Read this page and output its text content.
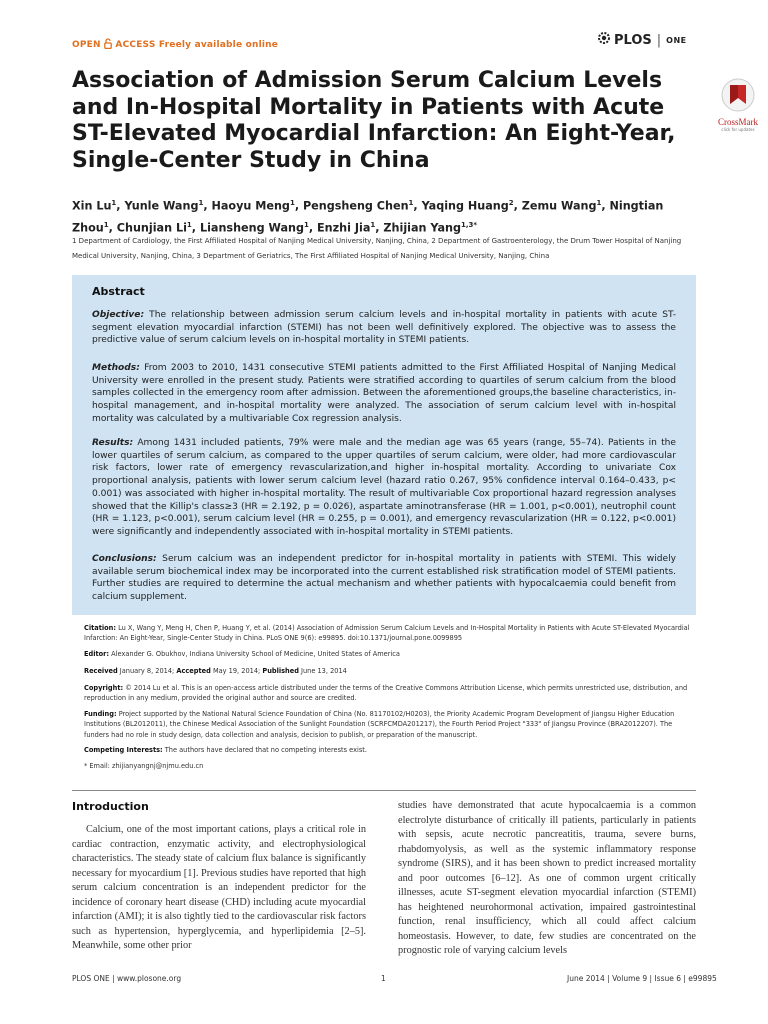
OPEN ACCESS Freely available online	PLOS | ONE
Association of Admission Serum Calcium Levels and In-Hospital Mortality in Patients with Acute ST-Elevated Myocardial Infarction: An Eight-Year, Single-Center Study in China
CrossMark
click for updates
Xin Lu$^1$, Yunle Wang$^1$, Haoyu Meng$^1$, Pengsheng Chen$^1$, Yaqing Huang$^2$, Zemu Wang$^1$, Ningtian Zhou$^1$, Chunjian Li$^1$, Liansheng Wang$^1$, Enzhi Jia$^1$, Zhijian Yang$^{1,3*}$
1 Department of Cardiology, the First Affiliated Hospital of Nanjing Medical University, Nanjing, China, 2 Department of Gastroenterology, the Drum Tower Hospital of Nanjing Medical University, Nanjing, China, 3 Department of Geriatrics, The First Affiliated Hospital of Nanjing Medical University, Nanjing, China
Abstract
Objective: The relationship between admission serum calcium levels and in-hospital mortality in patients with acute ST-segment elevation myocardial infarction (STEMI) has not been well definitively explored. The objective was to assess the predictive value of serum calcium levels on in-hospital mortality in STEMI patients.
Methods: From 2003 to 2010, 1431 consecutive STEMI patients admitted to the First Affiliated Hospital of Nanjing Medical University were enrolled in the present study. Patients were stratified according to quartiles of serum calcium from the blood samples collected in the emergency room after admission. Between the aforementioned groups,the baseline characteristics, in-hospital management, and in-hospital mortality were analyzed. The association of serum calcium level with in-hospital mortality was calculated by a multivariable Cox regression analysis.
Results: Among 1431 included patients, 79% were male and the median age was 65 years (range, 55–74). Patients in the lower quartiles of serum calcium, as compared to the upper quartiles of serum calcium, were older, had more cardiovascular risk factors, lower rate of emergency revascularization,and higher in-hospital mortality. According to univariate Cox proportional analysis, patients with lower serum calcium level (hazard ratio 0.267, 95% confidence interval 0.164–0.433, p< 0.001) was associated with higher in-hospital mortality. The result of multivariable Cox proportional hazard regression analyses showed that the Killip's class≥3 (HR = 2.192, p = 0.026), aspartate aminotransferase (HR = 1.001, p<0.001), neutrophil count (HR = 1.123, p<0.001), serum calcium level (HR = 0.255, p = 0.001), and emergency revascularization (HR = 0.122, p<0.001) were significantly and independently associated with in-hospital mortality in STEMI patients.
Conclusions: Serum calcium was an independent predictor for in-hospital mortality in patients with STEMI. This widely available serum biochemical index may be incorporated into the current established risk stratification model of STEMI patients. Further studies are required to determine the actual mechanism and whether patients with hypocalcaemia could benefit from calcium supplement.
Citation: Lu X, Wang Y, Meng H, Chen P, Huang Y, et al. (2014) Association of Admission Serum Calcium Levels and In-Hospital Mortality in Patients with Acute ST-Elevated Myocardial Infarction: An Eight-Year, Single-Center Study in China. PLoS ONE 9(6): e99895. doi:10.1371/journal.pone.0099895
Editor: Alexander G. Obukhov, Indiana University School of Medicine, United States of America
Received January 8, 2014; Accepted May 19, 2014; Published June 13, 2014
Copyright: © 2014 Lu et al. This is an open-access article distributed under the terms of the Creative Commons Attribution License, which permits unrestricted use, distribution, and reproduction in any medium, provided the original author and source are credited.
Funding: Project supported by the National Natural Science Foundation of China (No. 81170102/H0203), the Priority Academic Program Development of Jiangsu Higher Education Institutions (BL2012011), the Chinese Medical Association of the Sunlight Foundation (SCRFCMDA201217), the Fourth Period Project "333" of Jiangsu Province (BRA2012207). The funders had no role in study design, data collection and analysis, decision to publish, or preparation of the manuscript.
Competing Interests: The authors have declared that no competing interests exist.
* Email: zhijianyangnj@njmu.edu.cn
Introduction
Calcium, one of the most important cations, plays a critical role in cardiac contraction, enzymatic activity, and electrophysiological characteristics. The steady state of calcium flux balance is significantly necessary for myocardium [1]. Previous studies have reported that high serum calcium concentration is an independent predictor for the incidence of coronary heart disease (CHD) including acute myocardial infarction (AMI); it is also tightly tied to the cardiovascular risk factors such as hypertension, hyperglycemia, and hyperlipidemia [2–5]. Meanwhile, some other prior
studies have demonstrated that acute hypocalcaemia is a common electrolyte disturbance of critically ill patients, particularly in patients with sepsis, acute necrotic pancreatitis, trauma, severe burns, rhabdomyolysis, as well as the systemic inflammatory response syndrome (SIRS), and it has been shown to predict increased mortality and poor outcomes [6–12]. As one of common urgent critically illnesses, acute ST-segment elevation myocardial infarction (STEMI) has heightened neurohormonal activation, impaired gastrointestinal function, renal insufficiency, which all could affect calcium homeostasis. However, to date, few studies are concentrated on the prognostic role of varying calcium levels
PLOS ONE | www.plosone.org	1	June 2014 | Volume 9 | Issue 6 | e99895
